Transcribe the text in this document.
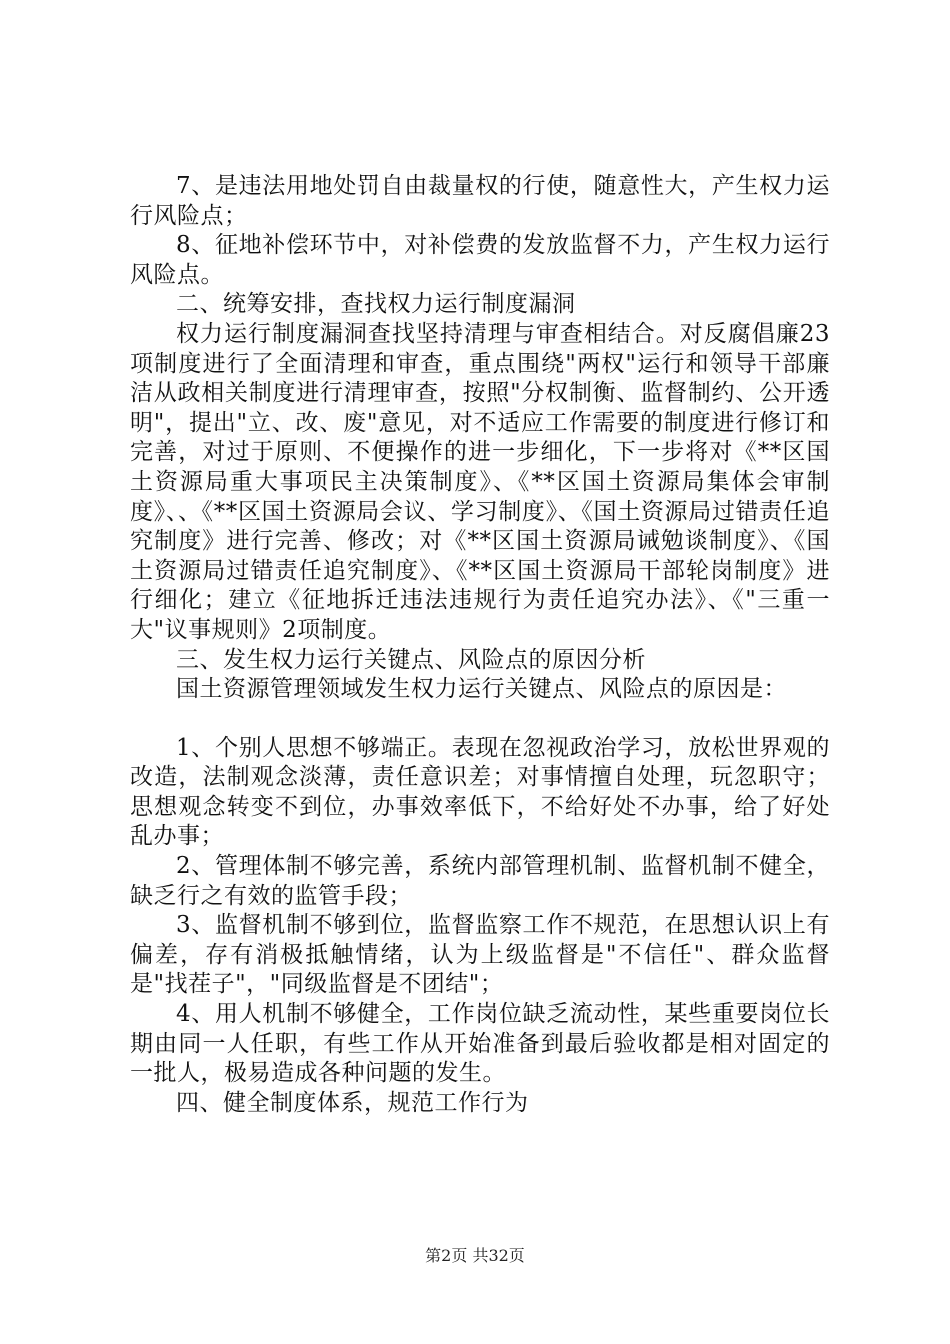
7、是违法用地处罚自由裁量权的行使，随意性大，产生权力运行风险点；

8、征地补偿环节中，对补偿费的发放监督不力，产生权力运行风险点。

二、统筹安排，查找权力运行制度漏洞

权力运行制度漏洞查找坚持清理与审查相结合。对反腐倡廉23项制度进行了全面清理和审查，重点围绕"两权"运行和领导干部廉洁从政相关制度进行清理审查，按照"分权制衡、监督制约、公开透明"，提出"立、改、废"意见，对不适应工作需要的制度进行修订和完善，对过于原则、不便操作的进一步细化，下一步将对《**区国土资源局重大事项民主决策制度》、《**区国土资源局集体会审制度》、、《**区国土资源局会议、学习制度》、《国土资源局过错责任追究制度》进行完善、修改；对《**区国土资源局诫勉谈制度》、《国土资源局过错责任追究制度》、《**区国土资源局干部轮岗制度》进行细化；建立《征地拆迁违法违规行为责任追究办法》、《"三重一大"议事规则》2项制度。

三、发生权力运行关键点、风险点的原因分析

国土资源管理领域发生权力运行关键点、风险点的原因是：

1、个别人思想不够端正。表现在忽视政治学习，放松世界观的改造，法制观念淡薄，责任意识差；对事情擅自处理，玩忽职守；思想观念转变不到位，办事效率低下，不给好处不办事，给了好处乱办事；

2、管理体制不够完善，系统内部管理机制、监督机制不健全，缺乏行之有效的监管手段；

3、监督机制不够到位，监督监察工作不规范，在思想认识上有偏差，存有消极抵触情绪，认为上级监督是"不信任"、群众监督是"找茬子"，"同级监督是不团结"；

4、用人机制不够健全，工作岗位缺乏流动性，某些重要岗位长期由同一人任职，有些工作从开始准备到最后验收都是相对固定的一批人，极易造成各种问题的发生。

四、健全制度体系，规范工作行为

第2页 共32页
